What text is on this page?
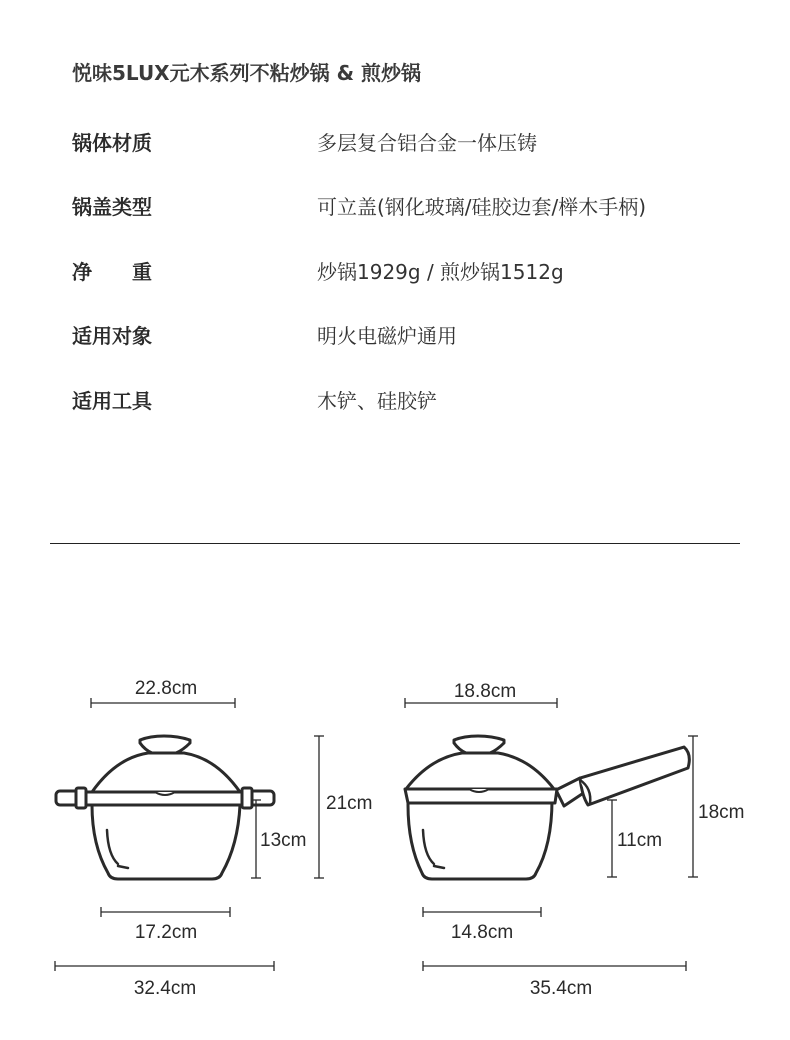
悦味5LUX元木系列不粘炒锅 & 煎炒锅
锅体材质	多层复合铝合金一体压铸
锅盖类型	可立盖(钢化玻璃/硅胶边套/榉木手柄)
净　　重	炒锅1929g / 煎炒锅1512g
适用对象	明火电磁炉通用
适用工具	木铲、硅胶铲
22.8cm
21cm
13cm
17.2cm
32.4cm
18.8cm
18cm
11cm
14.8cm
35.4cm
